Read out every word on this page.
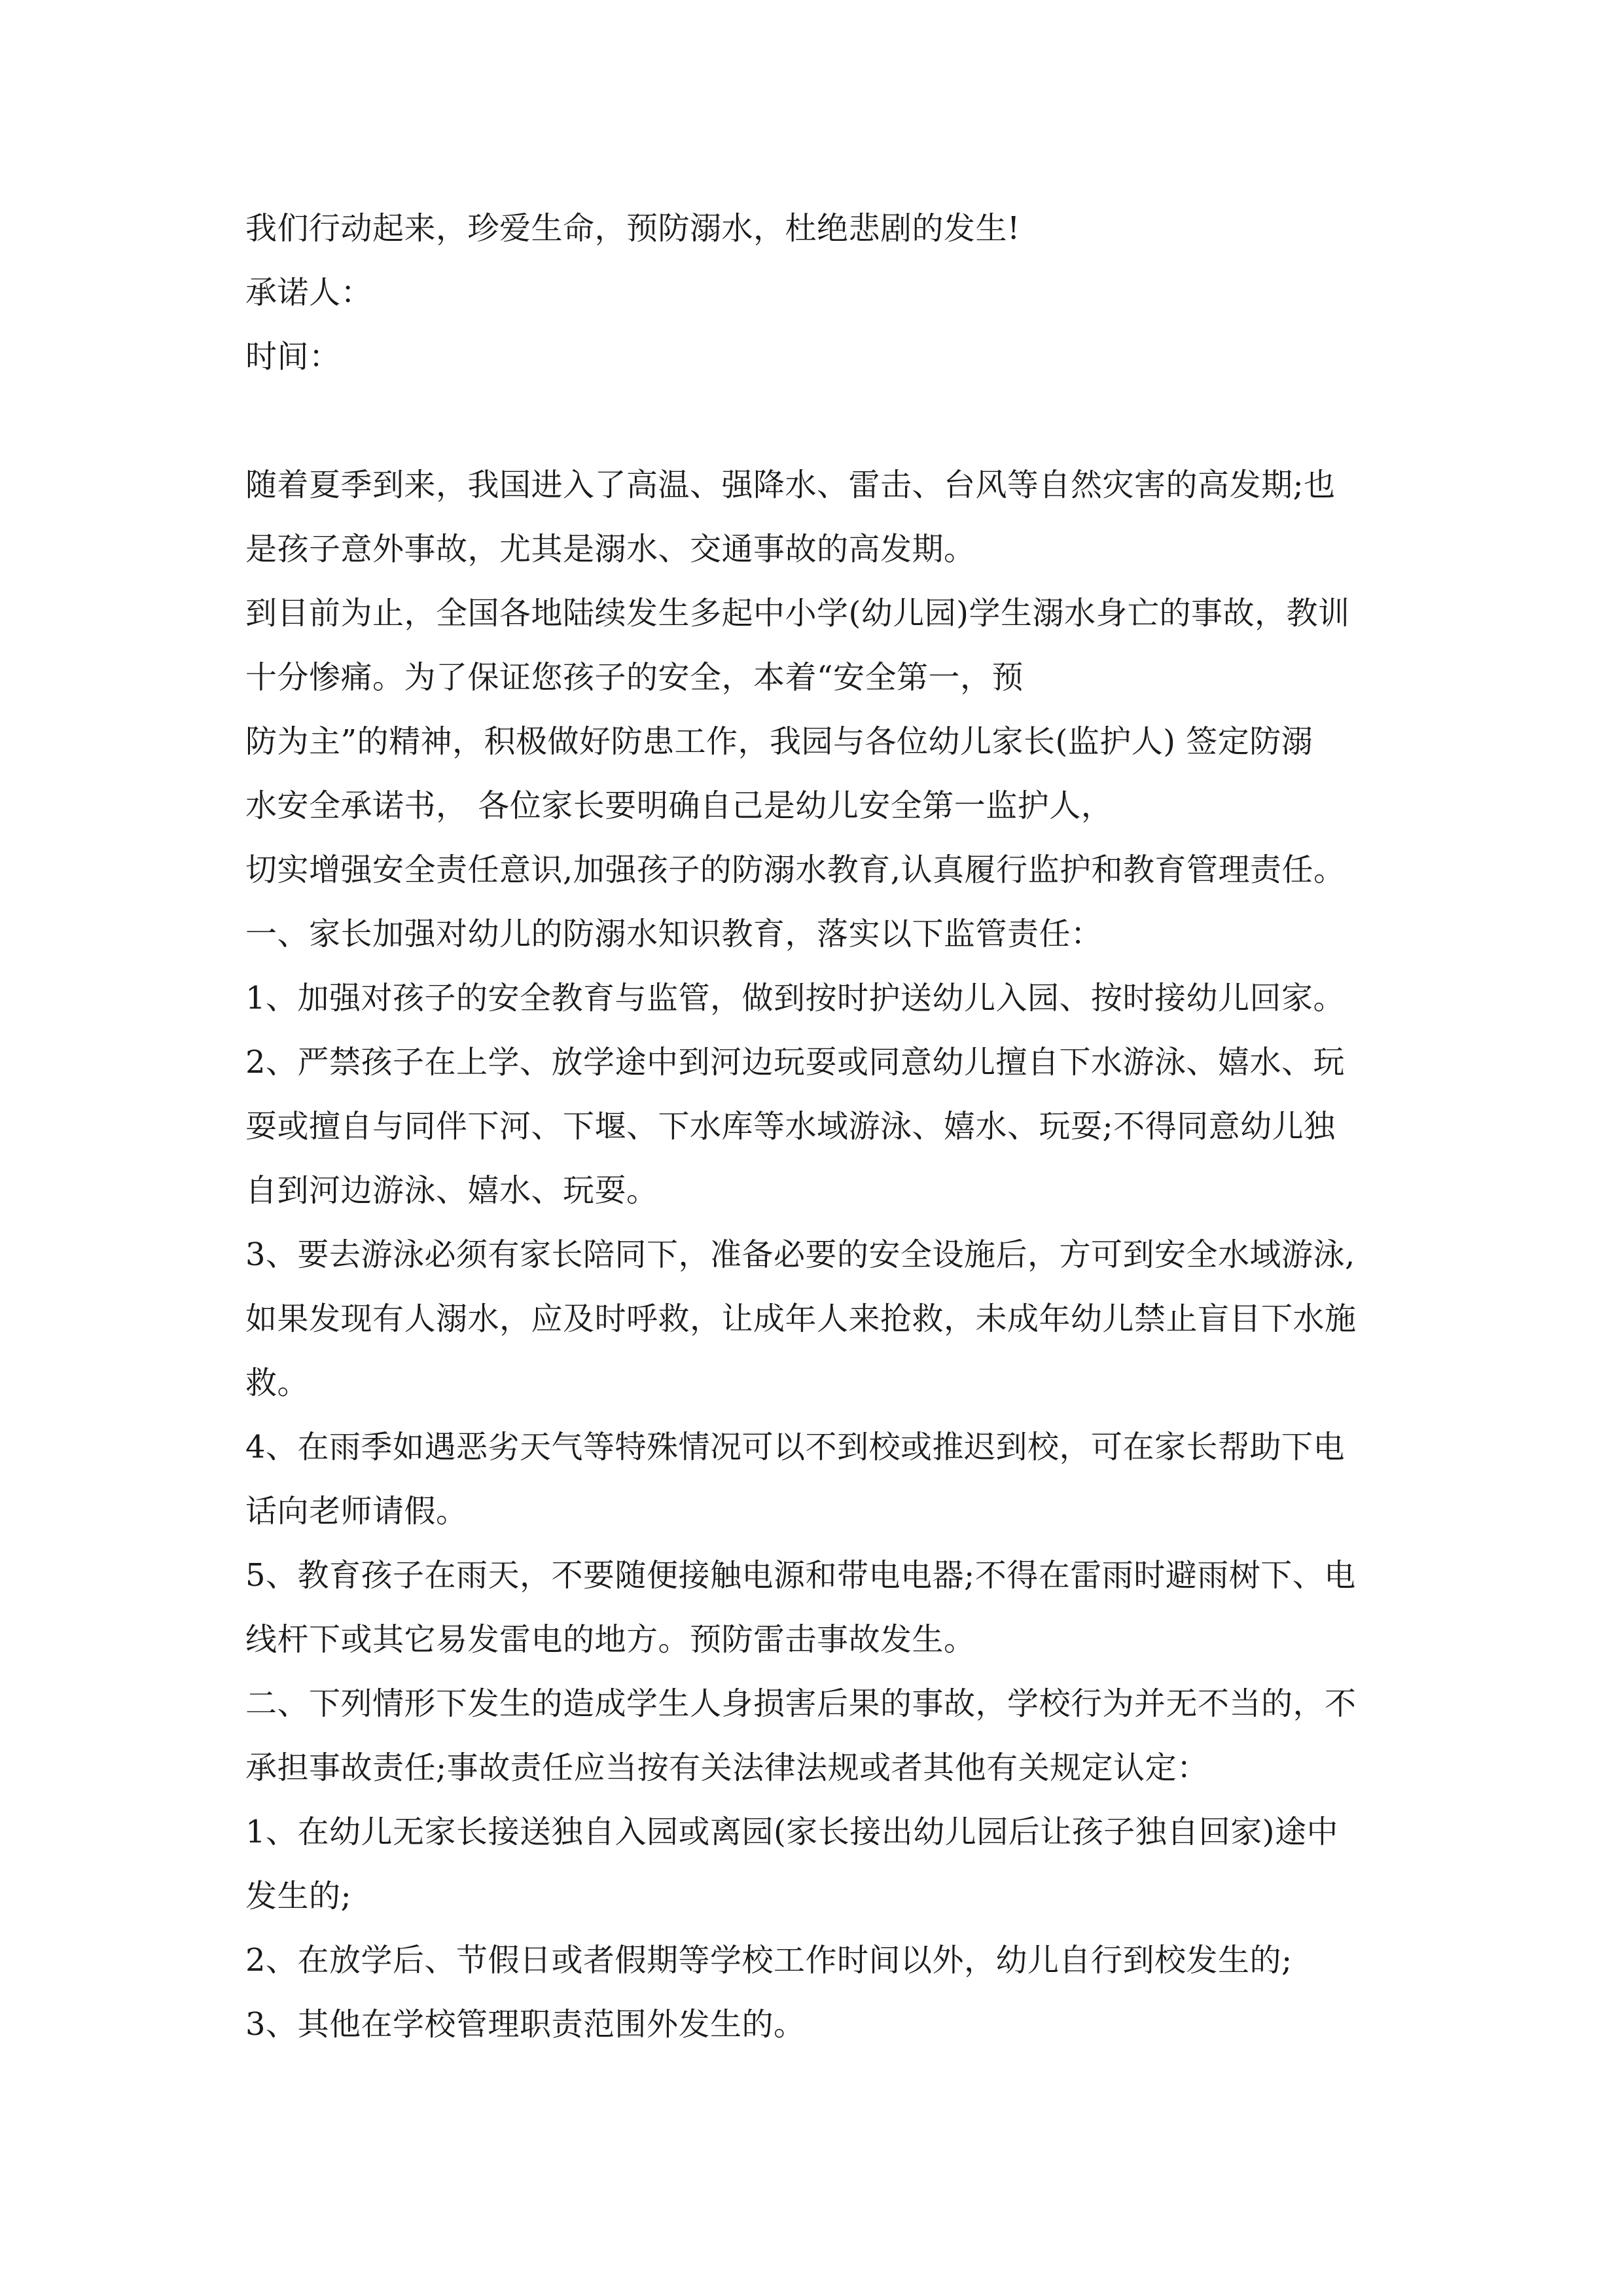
我们行动起来，珍爱生命，预防溺水，杜绝悲剧的发生!
承诺人：
时间：
随着夏季到来，我国进入了高温、强降水、雷击、台风等自然灾害的高发期;也
是孩子意外事故，尤其是溺水、交通事故的高发期。
到目前为止，全国各地陆续发生多起中小学(幼儿园)学生溺水身亡的事故，教训
十分惨痛。为了保证您孩子的安全，本着“安全第一，预
防为主”的精神，积极做好防患工作，我园与各位幼儿家长(监护人) 签定防溺
水安全承诺书， 各位家长要明确自己是幼儿安全第一监护人，
切实增强安全责任意识,加强孩子的防溺水教育,认真履行监护和教育管理责任。
一、家长加强对幼儿的防溺水知识教育，落实以下监管责任：
1、加强对孩子的安全教育与监管，做到按时护送幼儿入园、按时接幼儿回家。
2、严禁孩子在上学、放学途中到河边玩耍或同意幼儿擅自下水游泳、嬉水、玩
耍或擅自与同伴下河、下堰、下水库等水域游泳、嬉水、玩耍;不得同意幼儿独
自到河边游泳、嬉水、玩耍。
3、要去游泳必须有家长陪同下，准备必要的安全设施后，方可到安全水域游泳,
如果发现有人溺水，应及时呼救，让成年人来抢救，未成年幼儿禁止盲目下水施
救。
4、在雨季如遇恶劣天气等特殊情况可以不到校或推迟到校，可在家长帮助下电
话向老师请假。
5、教育孩子在雨天，不要随便接触电源和带电电器;不得在雷雨时避雨树下、电
线杆下或其它易发雷电的地方。预防雷击事故发生。
二、下列情形下发生的造成学生人身损害后果的事故，学校行为并无不当的，不
承担事故责任;事故责任应当按有关法律法规或者其他有关规定认定：
1、在幼儿无家长接送独自入园或离园(家长接出幼儿园后让孩子独自回家)途中
发生的;
2、在放学后、节假日或者假期等学校工作时间以外，幼儿自行到校发生的;
3、其他在学校管理职责范围外发生的。
